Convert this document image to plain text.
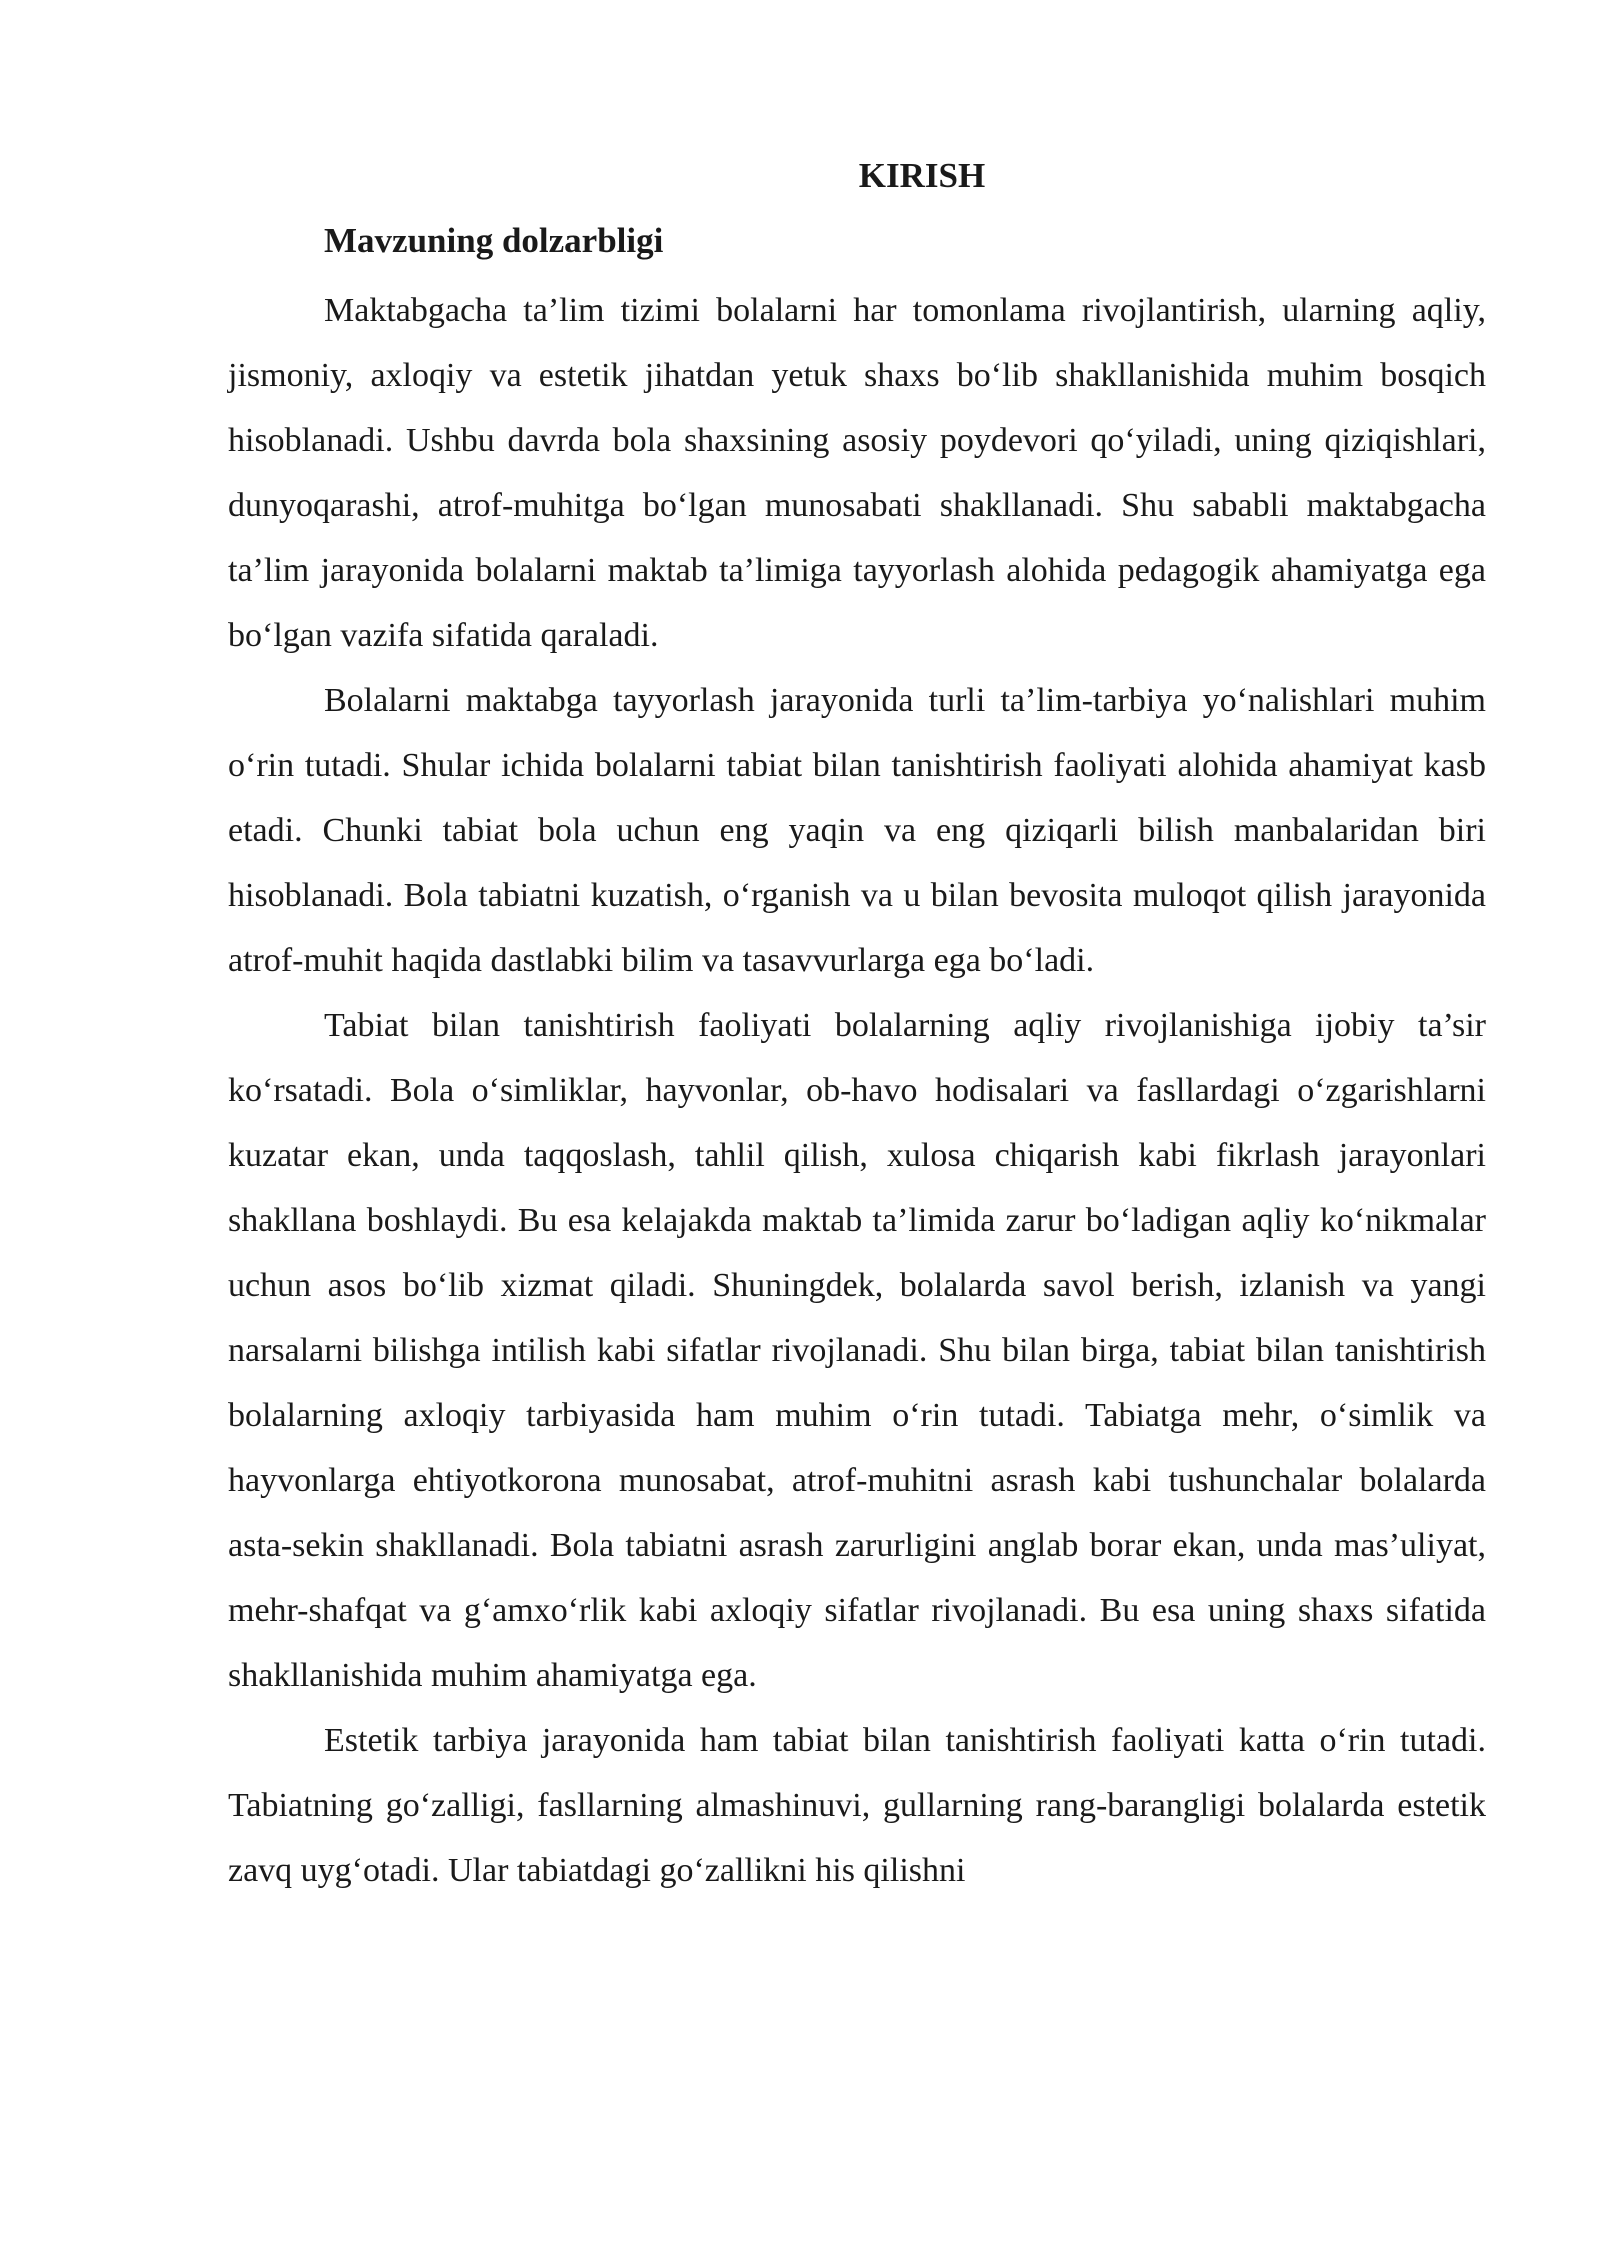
KIRISH
Mavzuning dolzarbligi

Maktabgacha ta’lim tizimi bolalarni har tomonlama rivojlantirish, ularning aqliy, jismoniy, axloqiy va estetik jihatdan yetuk shaxs bo‘lib shakllanishida muhim bosqich hisoblanadi. Ushbu davrda bola shaxsining asosiy poydevori qo‘yiladi, uning qiziqishlari, dunyoqarashi, atrof-muhitga bo‘lgan munosabati shakllanadi. Shu sababli maktabgacha ta’lim jarayonida bolalarni maktab ta’limiga tayyorlash alohida pedagogik ahamiyatga ega bo‘lgan vazifa sifatida qaraladi.

Bolalarni maktabga tayyorlash jarayonida turli ta’lim-tarbiya yo‘nalishlari muhim o‘rin tutadi. Shular ichida bolalarni tabiat bilan tanishtirish faoliyati alohida ahamiyat kasb etadi. Chunki tabiat bola uchun eng yaqin va eng qiziqarli bilish manbalaridan biri hisoblanadi. Bola tabiatni kuzatish, o‘rganish va u bilan bevosita muloqot qilish jarayonida atrof-muhit haqida dastlabki bilim va tasavvurlarga ega bo‘ladi.

Tabiat bilan tanishtirish faoliyati bolalarning aqliy rivojlanishiga ijobiy ta’sir ko‘rsatadi. Bola o‘simliklar, hayvonlar, ob-havo hodisalari va fasllardagi o‘zgarishlarni kuzatar ekan, unda taqqoslash, tahlil qilish, xulosa chiqarish kabi fikrlash jarayonlari shakllana boshlaydi. Bu esa kelajakda maktab ta’limida zarur bo‘ladigan aqliy ko‘nikmalar uchun asos bo‘lib xizmat qiladi. Shuningdek, bolalarda savol berish, izlanish va yangi narsalarni bilishga intilish kabi sifatlar rivojlanadi. Shu bilan birga, tabiat bilan tanishtirish bolalarning axloqiy tarbiyasida ham muhim o‘rin tutadi. Tabiatga mehr, o‘simlik va hayvonlarga ehtiyotkorona munosabat, atrof-muhitni asrash kabi tushunchalar bolalarda asta-sekin shakllanadi. Bola tabiatni asrash zarurligini anglab borar ekan, unda mas’uliyat, mehr-shafqat va g‘amxo‘rlik kabi axloqiy sifatlar rivojlanadi. Bu esa uning shaxs sifatida shakllanishida muhim ahamiyatga ega.

Estetik tarbiya jarayonida ham tabiat bilan tanishtirish faoliyati katta o‘rin tutadi. Tabiatning go‘zalligi, fasllarning almashinuvi, gullarning rang-barangligi bolalarda estetik zavq uyg‘otadi. Ular tabiatdagi go‘zallikni his qilishni
